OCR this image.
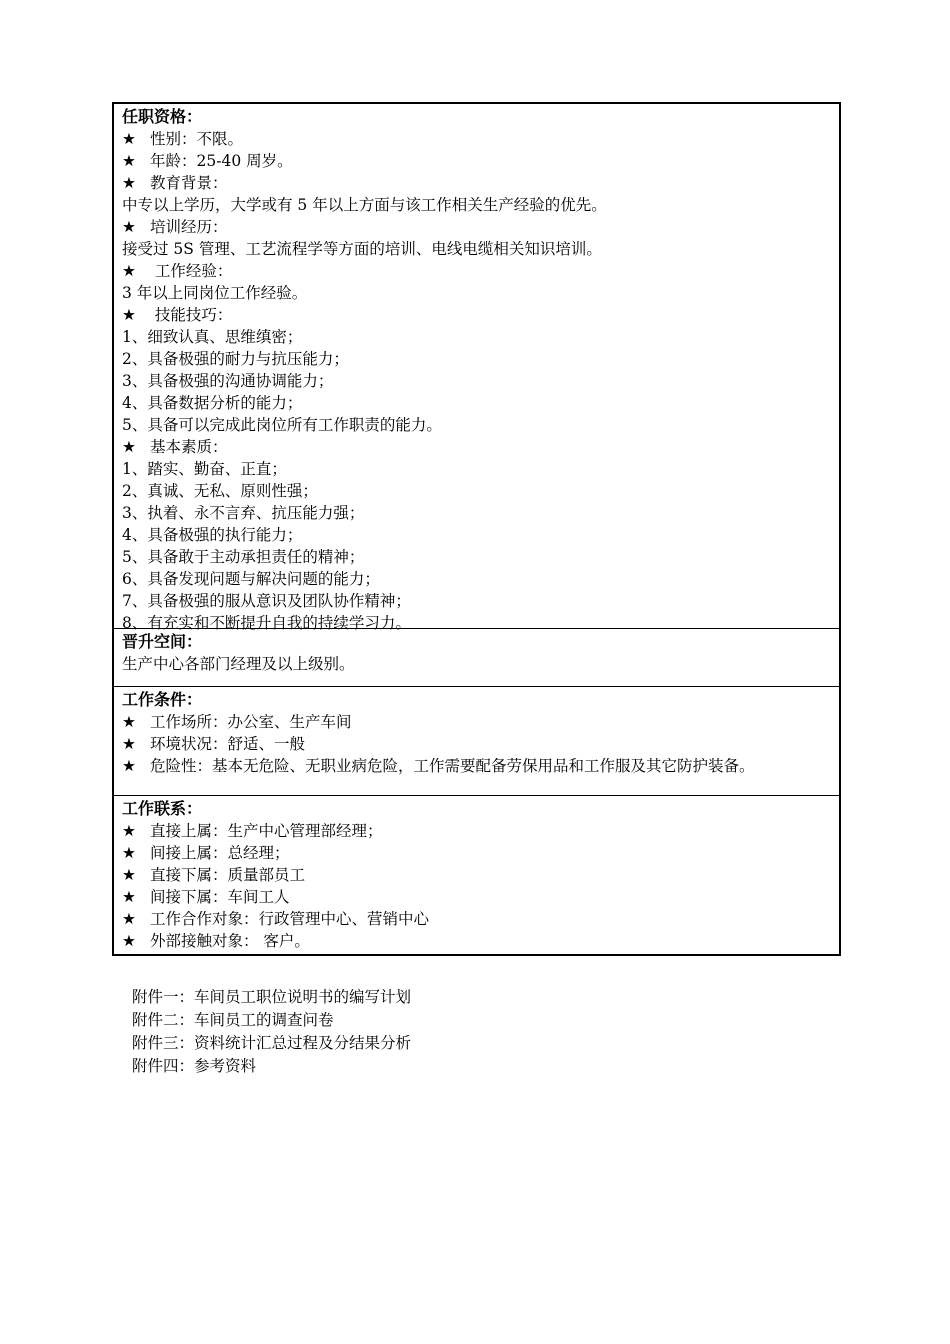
任职资格：
★ 性别：不限。
★ 年龄：25-40 周岁。
★ 教育背景：
中专以上学历，大学或有 5 年以上方面与该工作相关生产经验的优先。
★ 培训经历：
接受过 5S 管理、工艺流程学等方面的培训、电线电缆相关知识培训。
★ 工作经验：
3 年以上同岗位工作经验。
★ 技能技巧：
1、细致认真、思维缜密；
2、具备极强的耐力与抗压能力；
3、具备极强的沟通协调能力；
4、具备数据分析的能力；
5、具备可以完成此岗位所有工作职责的能力。
★ 基本素质：
1、踏实、勤奋、正直；
2、真诚、无私、原则性强；
3、执着、永不言弃、抗压能力强；
4、具备极强的执行能力；
5、具备敢于主动承担责任的精神；
6、具备发现问题与解决问题的能力；
7、具备极强的服从意识及团队协作精神；
8、有充实和不断提升自我的持续学习力。
晋升空间：
生产中心各部门经理及以上级别。
工作条件：
★ 工作场所：办公室、生产车间
★ 环境状况：舒适、一般
★ 危险性：基本无危险、无职业病危险，工作需要配备劳保用品和工作服及其它防护装备。
工作联系：
★ 直接上属：生产中心管理部经理；
★ 间接上属：总经理；
★ 直接下属：质量部员工
★ 间接下属：车间工人
★ 工作合作对象：行政管理中心、营销中心
★ 外部接触对象： 客户。
附件一：车间员工职位说明书的编写计划
附件二：车间员工的调查问卷
附件三：资料统计汇总过程及分结果分析
附件四：参考资料
